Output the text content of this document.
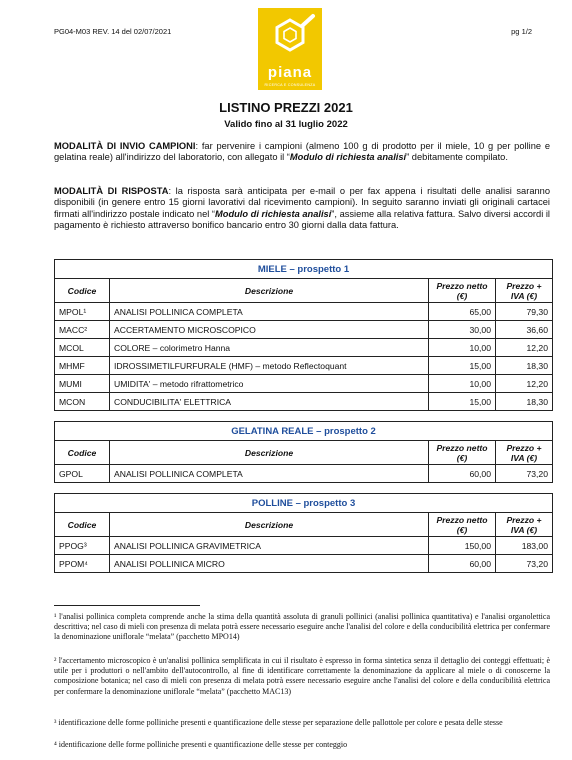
PG04-M03 REV. 14 del 02/07/2021	pg 1/2
piana
RICERCA E CONSULENZA
LISTINO PREZZI 2021
Valido fino al 31 luglio 2022
MODALITÀ DI INVIO CAMPIONI: far pervenire i campioni (almeno 100 g di prodotto per il miele, 10 g per polline e gelatina reale) all'indirizzo del laboratorio, con allegato il “Modulo di richiesta analisi” debitamente compilato.
MODALITÀ DI RISPOSTA: la risposta sarà anticipata per e-mail o per fax appena i risultati delle analisi saranno disponibili (in genere entro 15 giorni lavorativi dal ricevimento campioni). In seguito saranno inviati gli originali cartacei firmati all'indirizzo postale indicato nel “Modulo di richiesta analisi”, assieme alla relativa fattura. Salvo diversi accordi il pagamento è richiesto attraverso bonifico bancario entro 30 giorni dalla data fattura.
MIELE – prospetto 1			
Codice	Descrizione	Prezzo netto (€)	Prezzo + IVA (€)
MPOL¹	ANALISI POLLINICA COMPLETA	65,00	79,30
MACC²	ACCERTAMENTO MICROSCOPICO	30,00	36,60
MCOL	COLORE – colorimetro Hanna	10,00	12,20
MHMF	IDROSSIMETILFURFURALE (HMF) – metodo Reflectoquant	15,00	18,30
MUMI	UMIDITA' – metodo rifrattometrico	10,00	12,20
MCON	CONDUCIBILITA' ELETTRICA	15,00	18,30
GELATINA REALE – prospetto 2			
Codice	Descrizione	Prezzo netto (€)	Prezzo + IVA (€)
GPOL	ANALISI POLLINICA COMPLETA	60,00	73,20
POLLINE – prospetto 3			
Codice	Descrizione	Prezzo netto (€)	Prezzo + IVA (€)
PPOG³	ANALISI POLLINICA GRAVIMETRICA	150,00	183,00
PPOM⁴	ANALISI POLLINICA MICRO	60,00	73,20
¹ l'analisi pollinica completa comprende anche la stima della quantità assoluta di granuli pollinici (analisi pollinica quantitativa) e l'analisi organolettica descrittiva; nel caso di mieli con presenza di melata potrà essere necessario eseguire anche l'analisi del colore e della conducibilità elettrica per confermare la denominazione uniflorale “melata” (pacchetto MPO14)
² l'accertamento microscopico è un'analisi pollinica semplificata in cui il risultato è espresso in forma sintetica senza il dettaglio dei conteggi effettuati; è utile per i produttori o nell'ambito dell'autocontrollo, al fine di identificare correttamente la denominazione da applicare al miele o di conoscerne la composizione botanica; nel caso di mieli con presenza di melata potrà essere necessario eseguire anche l'analisi del colore e della conducibilità elettrica per confermare la denominazione uniflorale “melata” (pacchetto MAC13)
³ identificazione delle forme polliniche presenti e quantificazione delle stesse per separazione delle pallottole per colore e pesata delle stesse
⁴ identificazione delle forme polliniche presenti e quantificazione delle stesse per conteggio
